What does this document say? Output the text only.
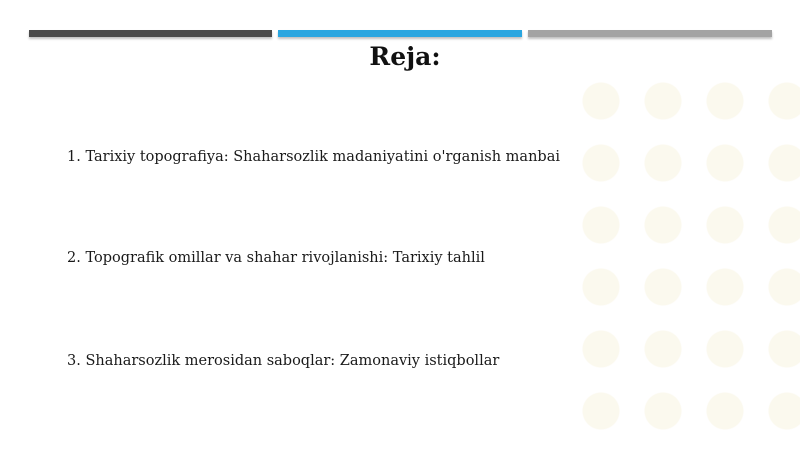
Reja:
1. Tarixiy topografiya: Shaharsozlik madaniyatini o'rganish manbai
2. Topografik omillar va shahar rivojlanishi: Tarixiy tahlil
3. Shaharsozlik merosidan saboqlar: Zamonaviy istiqbollar
